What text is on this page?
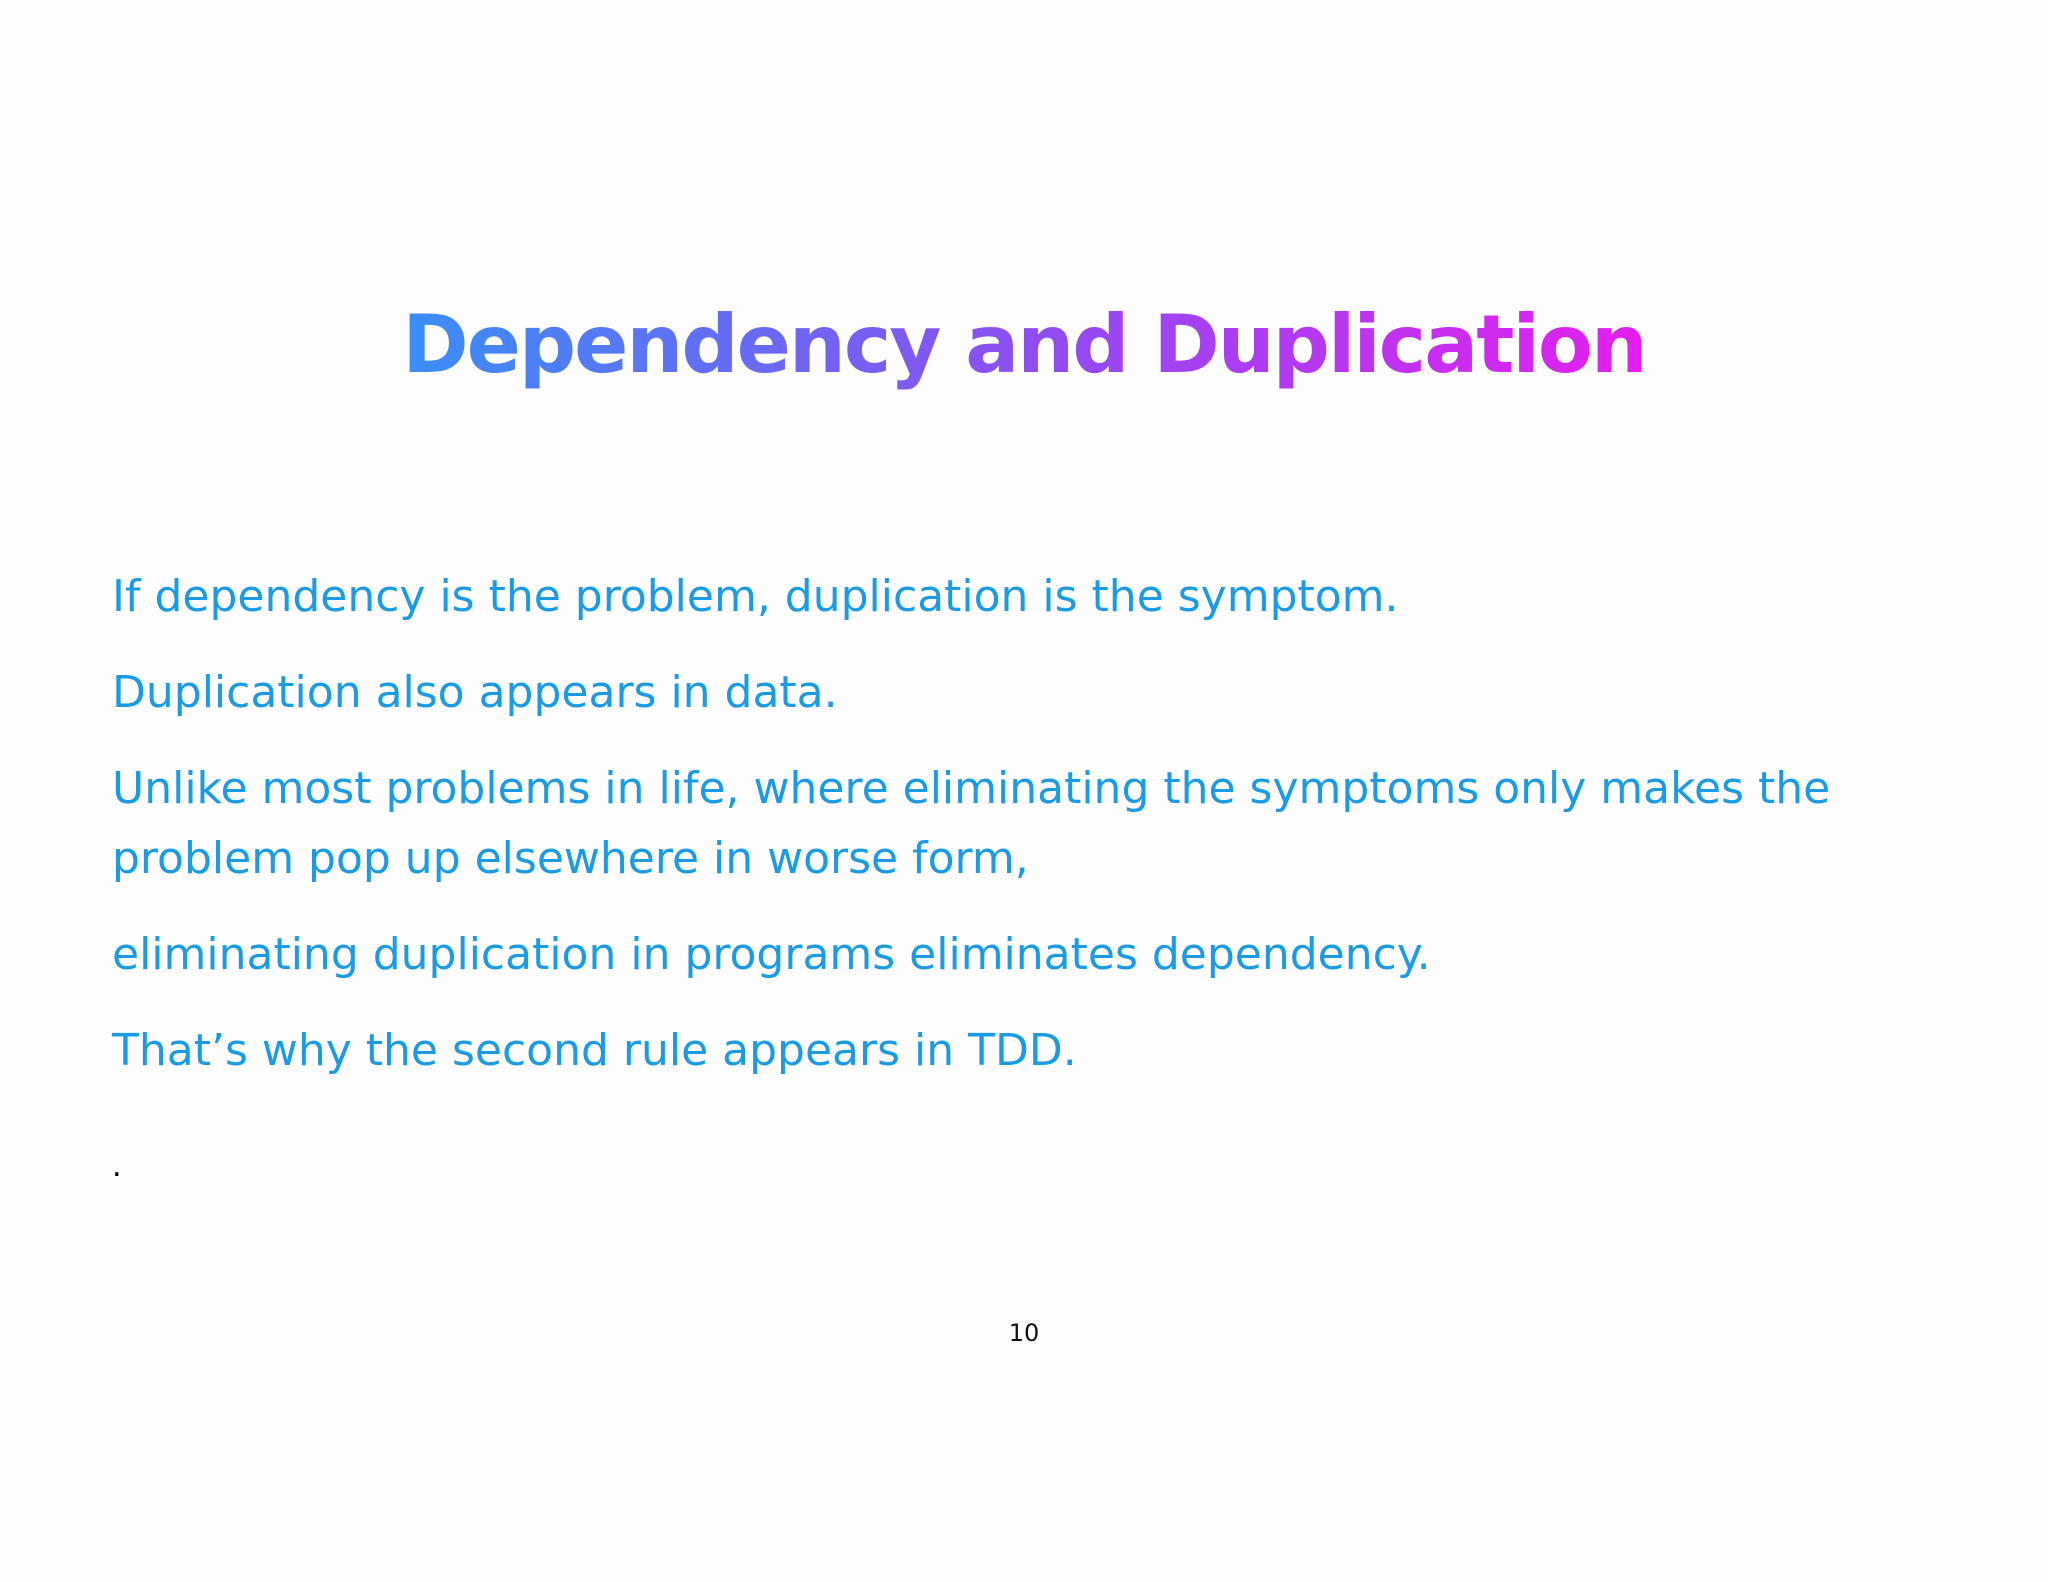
Dependency and Duplication
If dependency is the problem, duplication is the symptom.
Duplication also appears in data.
Unlike most problems in life, where eliminating the symptoms only makes the
problem pop up elsewhere in worse form,
eliminating duplication in programs eliminates dependency.
That’s why the second rule appears in TDD.
.
10
